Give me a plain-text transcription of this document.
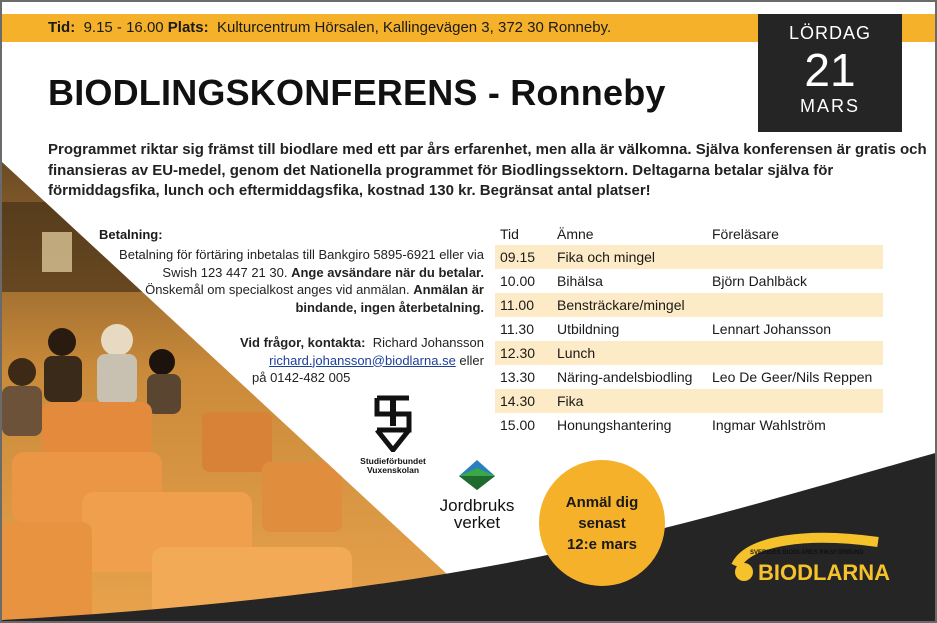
Tid: 9.15 - 16.00 Plats: Kulturcentrum Hörsalen, Kallingevägen 3, 372 30 Ronneby.	LÖRDAG
21
MARS
BIODLINGSKONFERENS - Ronneby
Programmet riktar sig främst till biodlare med ett par års erfarenhet, men alla är välkomna. Själva konferensen är gratis och finansieras av EU-medel, genom det Nationella programmet för Biodlingssektorn. Deltagarna betalar själva för förmiddagsfika, lunch och eftermiddagsfika, kostnad 130 kr. Begränsat antal platser!
Betalning:
Betalning för förtäring inbetalas till Bankgiro 5895-6921 eller via Swish 123 447 21 30. Ange avsändare när du betalar. Önskemål om specialkost anges vid anmälan. Anmälan är bindande, ingen återbetalning.
Vid frågor, kontakta: Richard Johansson
richard.johansson@biodlarna.se eller
på 0142-482 005
Studieförbundet
Vuxenskolan
Jordbruks
verket
Tid	Ämne	Föreläsare
09.15	Fika och mingel
10.00	Bihälsa	Björn Dahlbäck
11.00	Bensträckare/mingel
11.30	Utbildning	Lennart Johansson
12.30	Lunch
13.30	Näring-andelsbiodling	Leo De Geer/Nils Reppen
14.30	Fika
15.00	Honungshantering	Ingmar Wahlström
Anmäl dig
senast
12:e mars
SVERIGES BIODLARES RIKSFÖRBUND
BIODLARNA
